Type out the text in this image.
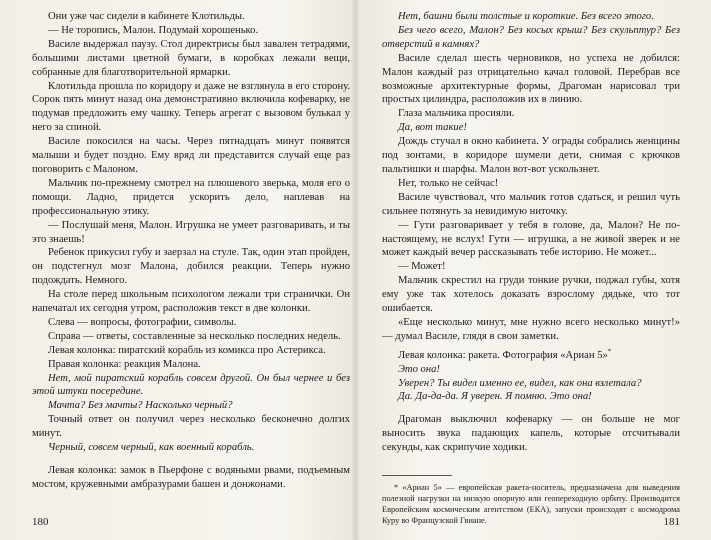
Они уже час сидели в кабинете Клотильды.

— Не торопись, Малон. Подумай хорошенько.

Василе выдержал паузу. Стол директрисы был завален тетрадями, большими листами цветной бумаги, в коробках лежали вещи, собранные для благотворительной ярмарки.

Клотильда прошла по коридору и даже не взглянула в его сторону. Сорок пять минут назад она демонстративно включила кофеварку, не подумав предложить ему чашку. Теперь агрегат с вызовом булькал у него за спиной.

Василе покосился на часы. Через пятнадцать минут появятся малыши и будет поздно. Ему вряд ли представится случай еще раз поговорить с Малоном.

Мальчик по-прежнему смотрел на плюшевого зверька, моля его о помощи. Ладно, придется ускорить дело, наплевав на профессиональную этику.

— Послушай меня, Малон. Игрушка не умеет разговаривать, и ты это знаешь!

Ребенок прикусил губу и заерзал на стуле. Так, один этап пройден, он подстегнул мозг Малона, добился реакции. Теперь нужно подождать. Немного.

На столе перед школьным психологом лежали три странички. Он напечатал их сегодня утром, расположив текст в две колонки.

Слева — вопросы, фотографии, символы.

Справа — ответы, составленные за несколько последних недель.

Левая колонка: пиратский корабль из комикса про Астерикса.

Правая колонка: реакция Малона.

Нет, мой пиратский корабль совсем другой. Он был чернее и без этой штуки посередине.

Мачта? Без мачты? Насколько черный?

Точный ответ он получил через несколько бесконечно долгих минут.

Черный, совсем черный, как военный корабль.

Левая колонка: замок в Пьерфоне с водяными рвами, подъемным мостом, кружевными амбразурами башен и донжонами.

180

Нет, башни были толстые и короткие. Без всего этого.

Без чего всего, Малон? Без косых крыш? Без скульптур? Без отверстий в камнях?

Василе сделал шесть черновиков, но успеха не добился: Малон каждый раз отрицательно качал головой. Перебрав все возможные архитектурные формы, Драгоман нарисовал три простых цилиндра, расположив их в линию.

Глаза мальчика просияли.

Да, вот такие!

Дождь стучал в окно кабинета. У ограды собрались женщины под зонтами, в коридоре шумели дети, снимая с крючков пальтишки и шарфы. Малон вот-вот ускользнет.

Нет, только не сейчас!

Василе чувствовал, что мальчик готов сдаться, и решил чуть сильнее потянуть за невидимую ниточку.

— Гути разговаривает у тебя в голове, да, Малон? Не по-настоящему, не вслух! Гути — игрушка, а не живой зверек и не может каждый вечер рассказывать тебе историю. Не может...

— Может!

Мальчик скрестил на груди тонкие ручки, поджал губы, хотя ему уже так хотелось доказать взрослому дядьке, что тот ошибается.

«Еще несколько минут, мне нужно всего несколько минут!» — думал Василе, глядя в свои заметки.

Левая колонка: ракета. Фотография «Ариан 5»*

Это она!

Уверен? Ты видел именно ее, видел, как она взлетала?

Да. Да-да-да. Я уверен. Я помню. Это она!

Драгоман выключил кофеварку — он больше не мог выносить звука падающих капель, которые отсчитывали секунды, как скрипучие ходики.

* «Ариан 5» — европейская ракета-носитель, предназначена для выведения полезной нагрузки на низкую опорную или геопереходную орбиту. Производится Европейским космическим агентством (ЕКА), запуски происходят с космодрома Куру во Французской Гвиане.	181
